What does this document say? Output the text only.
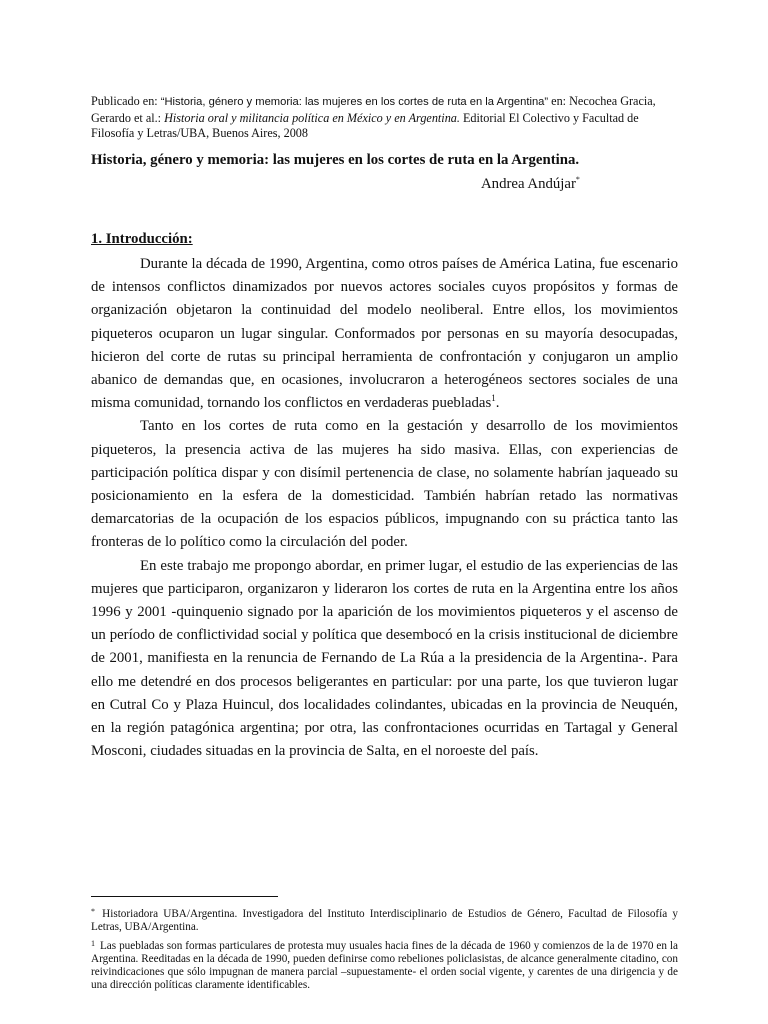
Publicado en: “Historia, género y memoria: las mujeres en los cortes de ruta en la Argentina” en: Necochea Gracia, Gerardo et al.: Historia oral y militancia política en México y en Argentina. Editorial El Colectivo y Facultad de Filosofía y Letras/UBA, Buenos Aires, 2008
Historia, género y memoria: las mujeres en los cortes de ruta en la Argentina.
Andrea Andújar*
1. Introducción:

Durante la década de 1990, Argentina, como otros países de América Latina, fue escenario de intensos conflictos dinamizados por nuevos actores sociales cuyos propósitos y formas de organización objetaron la continuidad del modelo neoliberal. Entre ellos, los movimientos piqueteros ocuparon un lugar singular. Conformados por personas en su mayoría desocupadas, hicieron del corte de rutas su principal herramienta de confrontación y conjugaron un amplio abanico de demandas que, en ocasiones, involucraron a heterogéneos sectores sociales de una misma comunidad, tornando los conflictos en verdaderas puebladas$^1$.

Tanto en los cortes de ruta como en la gestación y desarrollo de los movimientos piqueteros, la presencia activa de las mujeres ha sido masiva. Ellas, con experiencias de participación política dispar y con disímil pertenencia de clase, no solamente habrían jaqueado su posicionamiento en la esfera de la domesticidad. También habrían retado las normativas demarcatorias de la ocupación de los espacios públicos, impugnando con su práctica tanto las fronteras de lo político como la circulación del poder.

En este trabajo me propongo abordar, en primer lugar, el estudio de las experiencias de las mujeres que participaron, organizaron y lideraron los cortes de ruta en la Argentina entre los años 1996 y 2001 -quinquenio signado por la aparición de los movimientos piqueteros y el ascenso de un período de conflictividad social y política que desembocó en la crisis institucional de diciembre de 2001, manifiesta en la renuncia de Fernando de La Rúa a la presidencia de la Argentina-. Para ello me detendré en dos procesos beligerantes en particular: por una parte, los que tuvieron lugar en Cutral Co y Plaza Huincul, dos localidades colindantes, ubicadas en la provincia de Neuquén, en la región patagónica argentina; por otra, las confrontaciones ocurridas en Tartagal y General Mosconi, ciudades situadas en la provincia de Salta, en el noroeste del país.

* Historiadora UBA/Argentina. Investigadora del Instituto Interdisciplinario de Estudios de Género, Facultad de Filosofía y Letras, UBA/Argentina.

$^1$ Las puebladas son formas particulares de protesta muy usuales hacia fines de la década de 1960 y comienzos de la de 1970 en la Argentina. Reeditadas en la década de 1990, pueden definirse como rebeliones policlasistas, de alcance generalmente citadino, con reivindicaciones que sólo impugnan de manera parcial –supuestamente- el orden social vigente, y carentes de una dirigencia y de una dirección políticas claramente identificables.
